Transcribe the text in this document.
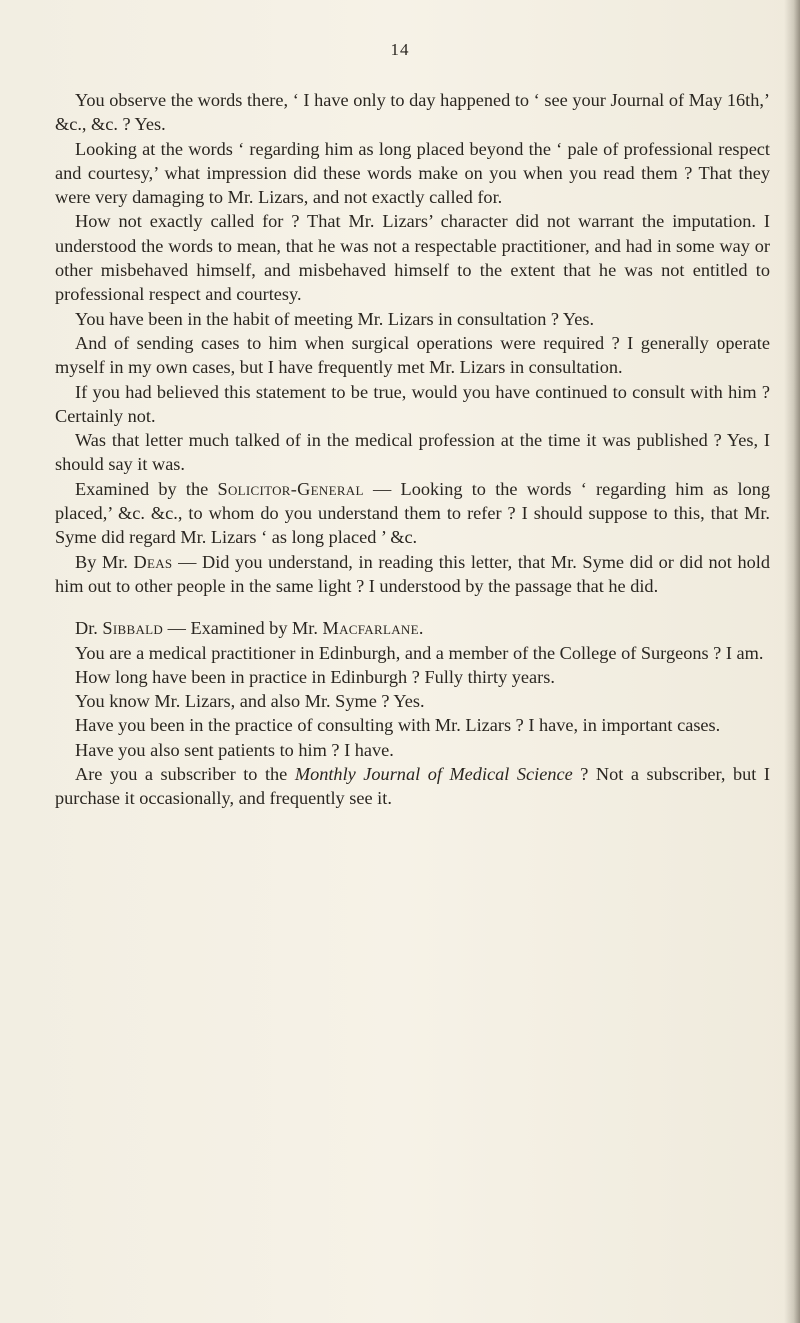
14

You observe the words there, ‘ I have only to day happened to ‘ see your Journal of May 16th,’ &c., &c. ? Yes.

Looking at the words ‘ regarding him as long placed beyond the ‘ pale of professional respect and courtesy,’ what impression did these words make on you when you read them ? That they were very damaging to Mr. Lizars, and not exactly called for.

How not exactly called for ? That Mr. Lizars’ character did not warrant the imputation. I understood the words to mean, that he was not a respectable practitioner, and had in some way or other misbehaved himself, and misbehaved himself to the extent that he was not entitled to professional respect and courtesy.

You have been in the habit of meeting Mr. Lizars in consultation ? Yes.

And of sending cases to him when surgical operations were required ? I generally operate myself in my own cases, but I have frequently met Mr. Lizars in consultation.

If you had believed this statement to be true, would you have continued to consult with him ? Certainly not.

Was that letter much talked of in the medical profession at the time it was published ? Yes, I should say it was.

Examined by the Solicitor-General — Looking to the words ‘ regarding him as long placed,’ &c. &c., to whom do you understand them to refer ? I should suppose to this, that Mr. Syme did regard Mr. Lizars ‘ as long placed ’ &c.

By Mr. Deas — Did you understand, in reading this letter, that Mr. Syme did or did not hold him out to other people in the same light ? I understood by the passage that he did.

Dr. Sibbald — Examined by Mr. Macfarlane.

You are a medical practitioner in Edinburgh, and a member of the College of Surgeons ? I am.

How long have been in practice in Edinburgh ? Fully thirty years.

You know Mr. Lizars, and also Mr. Syme ? Yes.

Have you been in the practice of consulting with Mr. Lizars ? I have, in important cases.

Have you also sent patients to him ? I have.

Are you a subscriber to the Monthly Journal of Medical Science ? Not a subscriber, but I purchase it occasionally, and frequently see it.
